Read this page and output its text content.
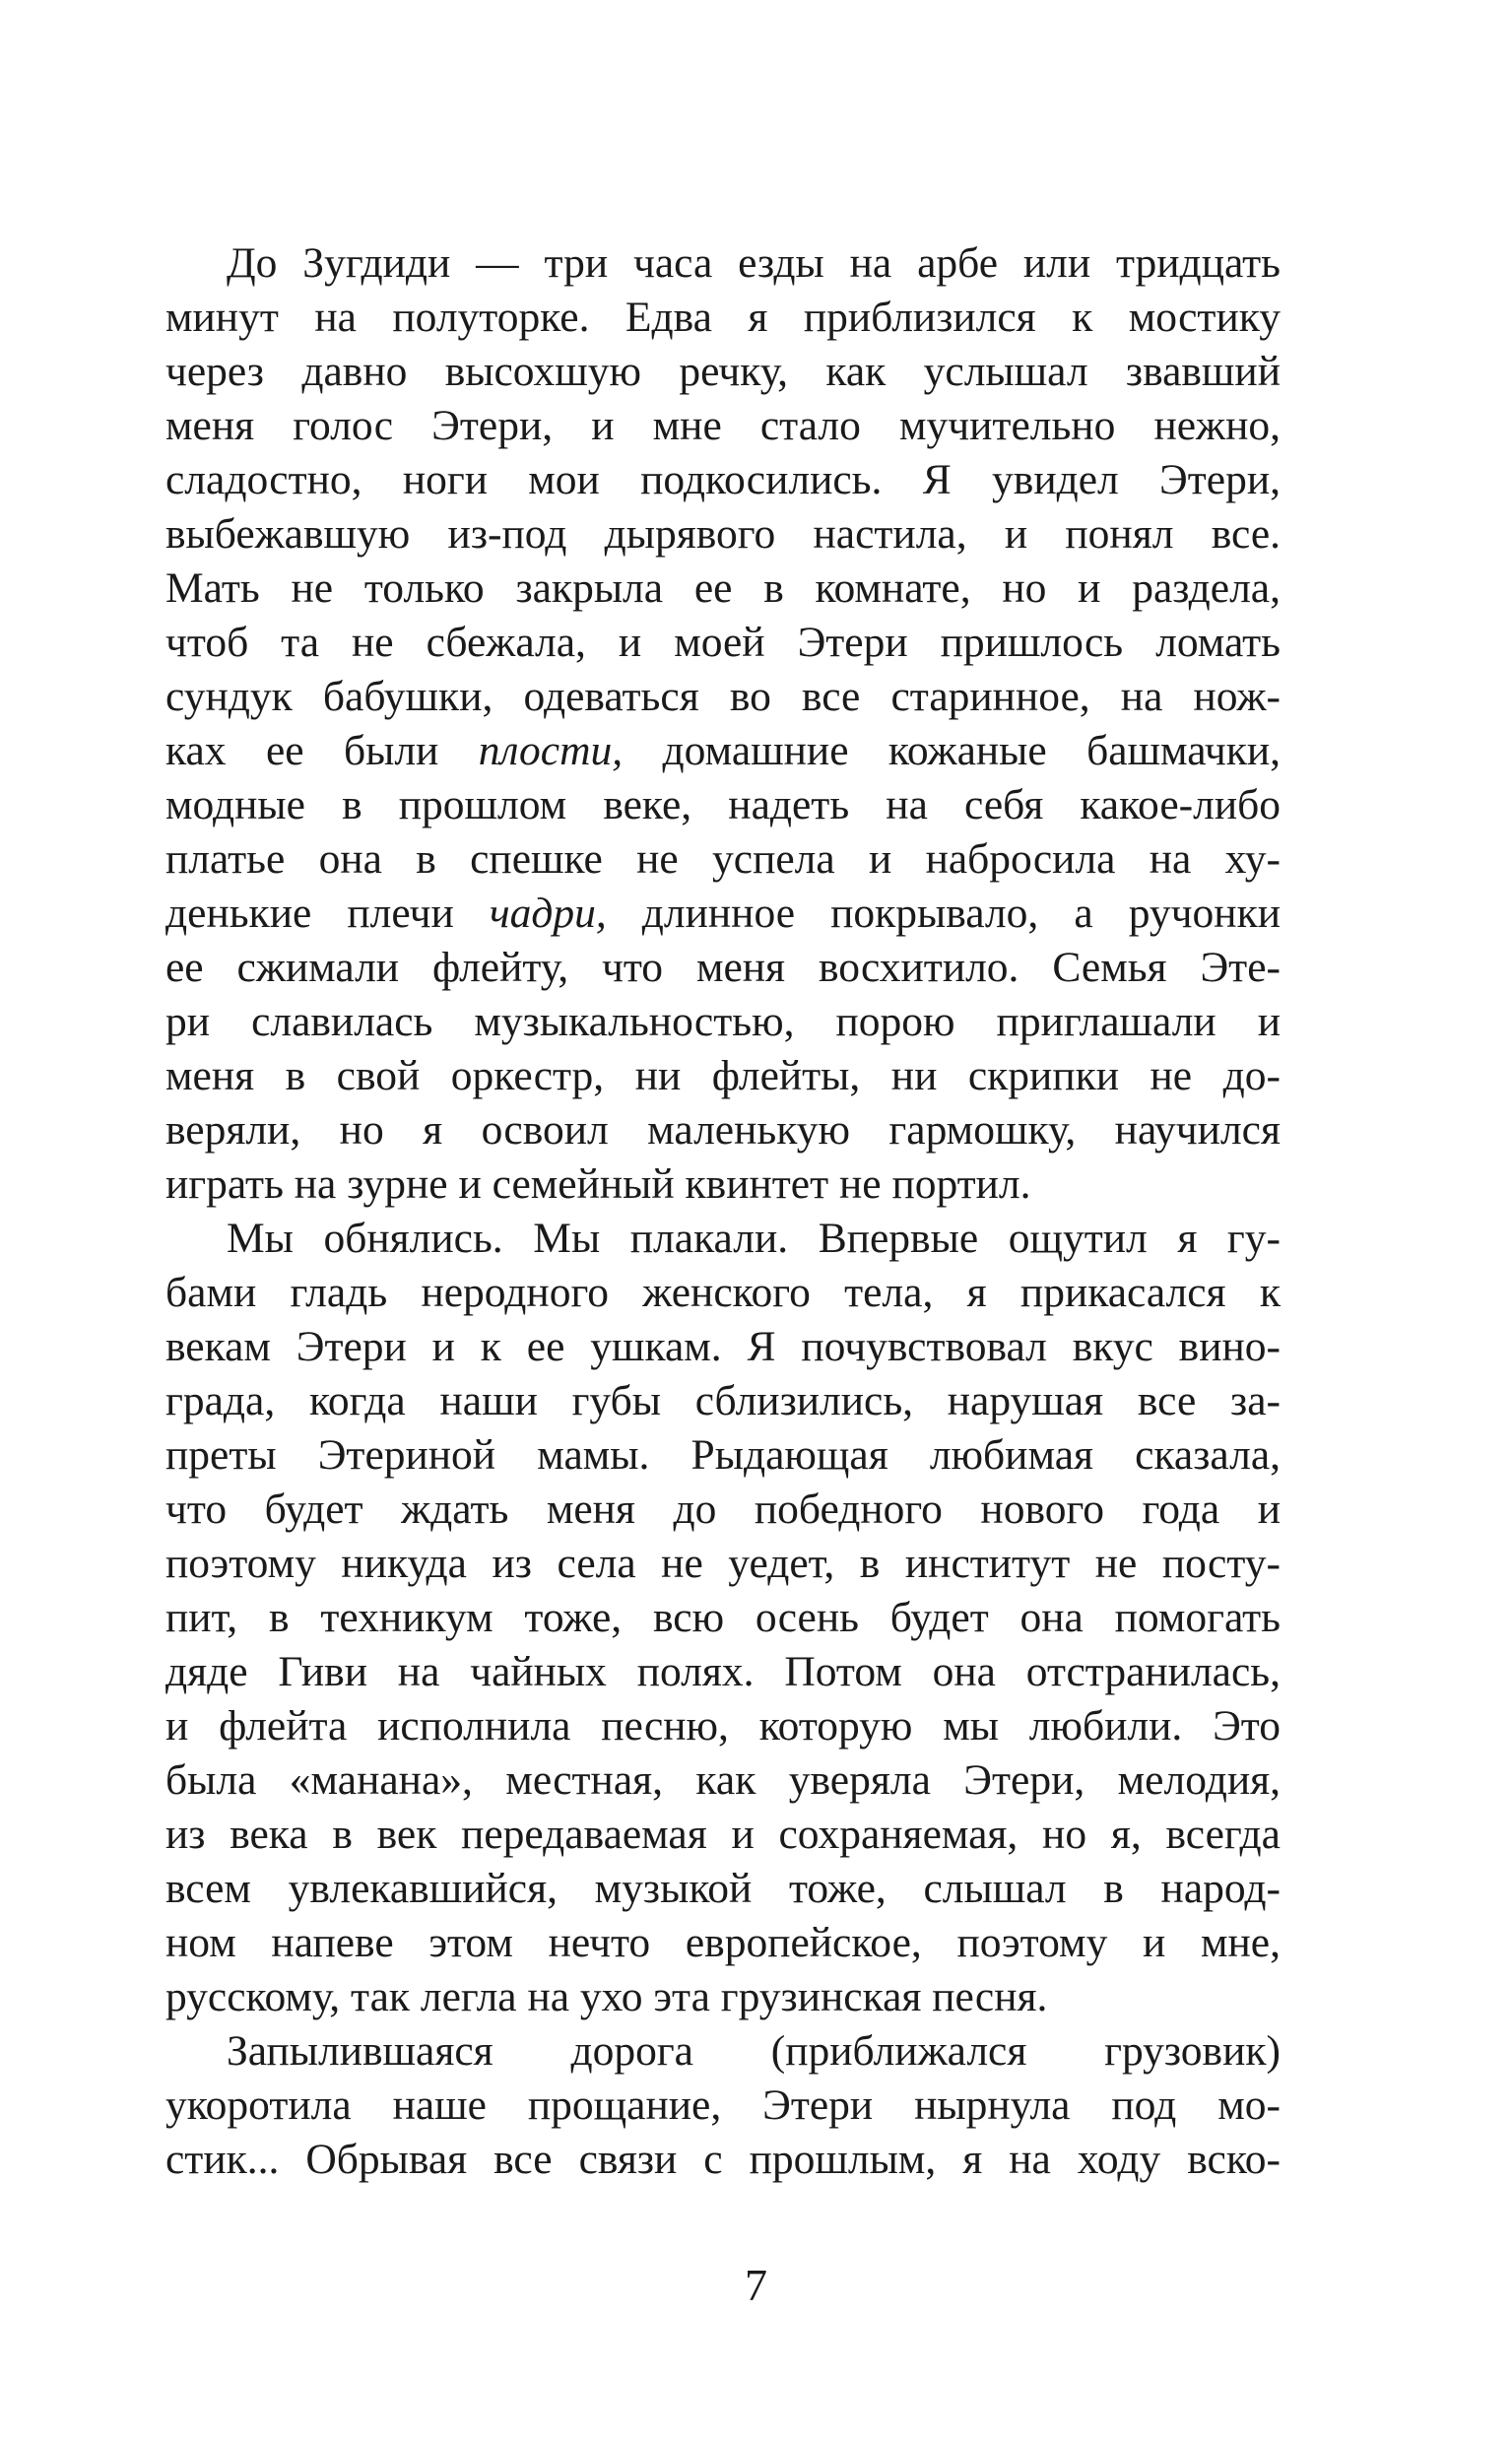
До Зугдиди — три часа езды на арбе или тридцать
минут на полуторке. Едва я приблизился к мостику
через давно высохшую речку, как услышал звавший
меня голос Этери, и мне стало мучительно нежно,
сладостно, ноги мои подкосились. Я увидел Этери,
выбежавшую из-под дырявого настила, и понял все.
Мать не только закрыла ее в комнате, но и раздела,
чтоб та не сбежала, и моей Этери пришлось ломать
сундук бабушки, одеваться во все старинное, на нож-
ках ее были плости, домашние кожаные башмачки,
модные в прошлом веке, надеть на себя какое-либо
платье она в спешке не успела и набросила на ху-
денькие плечи чадри, длинное покрывало, а ручонки
ее сжимали флейту, что меня восхитило. Семья Эте-
ри славилась музыкальностью, порою приглашали и
меня в свой оркестр, ни флейты, ни скрипки не до-
веряли, но я освоил маленькую гармошку, научился
играть на зурне и семейный квинтет не портил.

Мы обнялись. Мы плакали. Впервые ощутил я гу-
бами гладь неродного женского тела, я прикасался к
векам Этери и к ее ушкам. Я почувствовал вкус вино-
града, когда наши губы сблизились, нарушая все за-
преты Этериной мамы. Рыдающая любимая сказала,
что будет ждать меня до победного нового года и
поэтому никуда из села не уедет, в институт не посту-
пит, в техникум тоже, всю осень будет она помогать
дяде Гиви на чайных полях. Потом она отстранилась,
и флейта исполнила песню, которую мы любили. Это
была «манана», местная, как уверяла Этери, мелодия,
из века в век передаваемая и сохраняемая, но я, всегда
всем увлекавшийся, музыкой тоже, слышал в народ-
ном напеве этом нечто европейское, поэтому и мне,
русскому, так легла на ухо эта грузинская песня.

Запылившаяся дорога (приближался грузовик)
укоротила наше прощание, Этери нырнула под мо-
стик... Обрывая все связи с прошлым, я на ходу вско-

7
